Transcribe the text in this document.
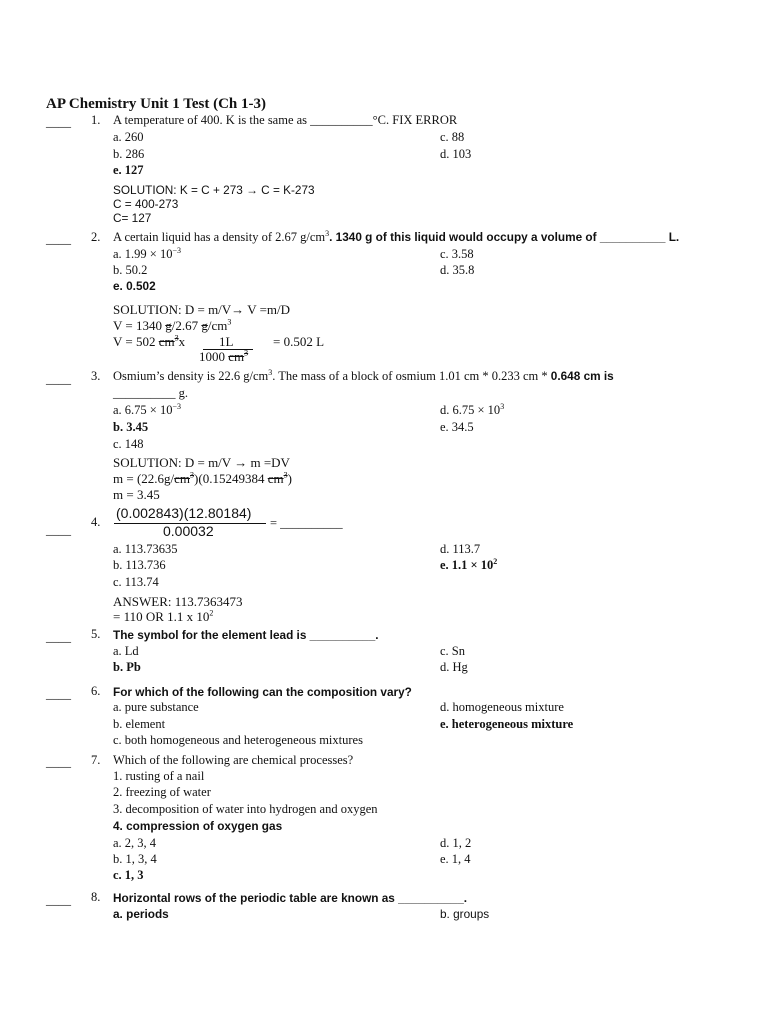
AP Chemistry Unit 1 Test (Ch 1-3)
____ 1. A temperature of 400. K is the same as __________°C. FIX ERROR
a. 260	c. 88
b. 286	d. 103
e. 127
SOLUTION: K = C + 273 → C = K-273
C = 400-273
C= 127
____ 2. A certain liquid has a density of 2.67 $g/cm^3$. 1340 g of this liquid would occupy a volume of __________ L.
a. $1.99 \times 10^{-3}$	c. 3.58
b. 50.2	d. 35.8
e. 0.502
SOLUTION: D = m/V→ V =m/D
V = 1340 g/2.67 $g/cm^3$
V = 502 $cm^3x$	1L
1000 $cm^3$
= 0.502 L
____ 3. Osmium’s density is 22.6 $g/cm^3$. The mass of a block of osmium 1.01 cm * 0.233 cm * 0.648 cm is
__________ g.
a. $6.75 \times 10^{-3}$	d. $6.75 \times 10^3$
b. 3.45	e. 34.5
c. 148
SOLUTION: D = m/V → m =DV
$m = (22.6g/cm^3)(0.15249384$ $cm^3$)
m = 3.45
____
4.
(0.002843)(12.80184)
0.00032	= __________
a. 113.73635	d. 113.7
b. 113.736	e. $1.1 \times 10^2$
c. 113.74
ANSWER: 113.7363473
= 110 OR 1.1 x $10^2$
____ 5. The symbol for the element lead is __________.
a. Ld	c. Sn
b. Pb	d. Hg
____ 6. For which of the following can the composition vary?
a. pure substance	d. homogeneous mixture
b. element	e. heterogeneous mixture
c. both homogeneous and heterogeneous mixtures
____ 7. Which of the following are chemical processes?
1. rusting of a nail
2. freezing of water
3. decomposition of water into hydrogen and oxygen
4. compression of oxygen gas
a. 2, 3, 4	d. 1, 2
b. 1, 3, 4	e. 1, 4
c. 1, 3
____ 8. Horizontal rows of the periodic table are known as __________.
a. periods	b. groups
